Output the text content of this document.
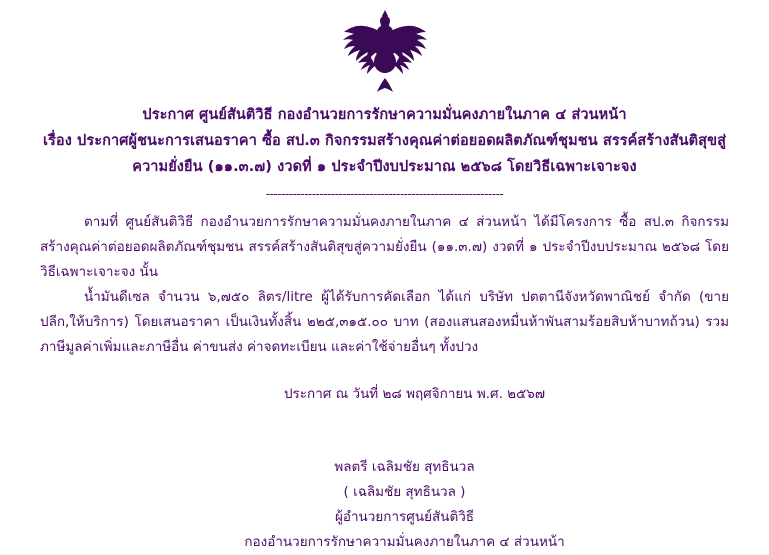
ประกาศ ศูนย์สันติวิธี กองอำนวยการรักษาความมั่นคงภายในภาค ๔ ส่วนหน้า
เรื่อง ประกาศผู้ชนะการเสนอราคา ซื้อ สป.๓ กิจกรรมสร้างคุณค่าต่อยอดผลิตภัณฑ์ชุมชน สรรค์สร้างสันติสุขสู่
ความยั่งยืน (๑๑.๓.๗) งวดที่ ๑ ประจำปีงบประมาณ ๒๕๖๘ โดยวิธีเฉพาะเจาะจง
--------------------------------------------------------------

ตามที่ ศูนย์สันติวิธี กองอำนวยการรักษาความมั่นคงภายในภาค ๔ ส่วนหน้า ได้มีโครงการ ซื้อ สป.๓ กิจกรรมสร้างคุณค่าต่อยอดผลิตภัณฑ์ชุมชน สรรค์สร้างสันติสุขสู่ความยั่งยืน (๑๑.๓.๗) งวดที่ ๑ ประจำปีงบประมาณ ๒๕๖๘ โดยวิธีเฉพาะเจาะจง นั้น

น้ำมันดีเซล จำนวน ๖,๗๕๐ ลิตร/litre ผู้ได้รับการคัดเลือก ได้แก่ บริษัท ปตตานีจังหวัดพาณิชย์ จำกัด (ขายปลีก,ให้บริการ) โดยเสนอราคา เป็นเงินทั้งสิ้น ๒๒๕,๓๑๕.๐๐ บาท (สองแสนสองหมื่นห้าพันสามร้อยสิบห้าบาทถ้วน) รวมภาษีมูลค่าเพิ่มและภาษีอื่น ค่าขนส่ง ค่าจดทะเบียน และค่าใช้จ่ายอื่นๆ ทั้งปวง

ประกาศ ณ วันที่ ๒๘ พฤศจิกายน พ.ศ. ๒๕๖๗
พลตรี เฉลิมชัย สุทธินวล
( เฉลิมชัย สุทธินวล )
ผู้อำนวยการศูนย์สันติวิธี
กองอำนวยการรักษาความมั่นคงภายในภาค ๔ ส่วนหน้า
